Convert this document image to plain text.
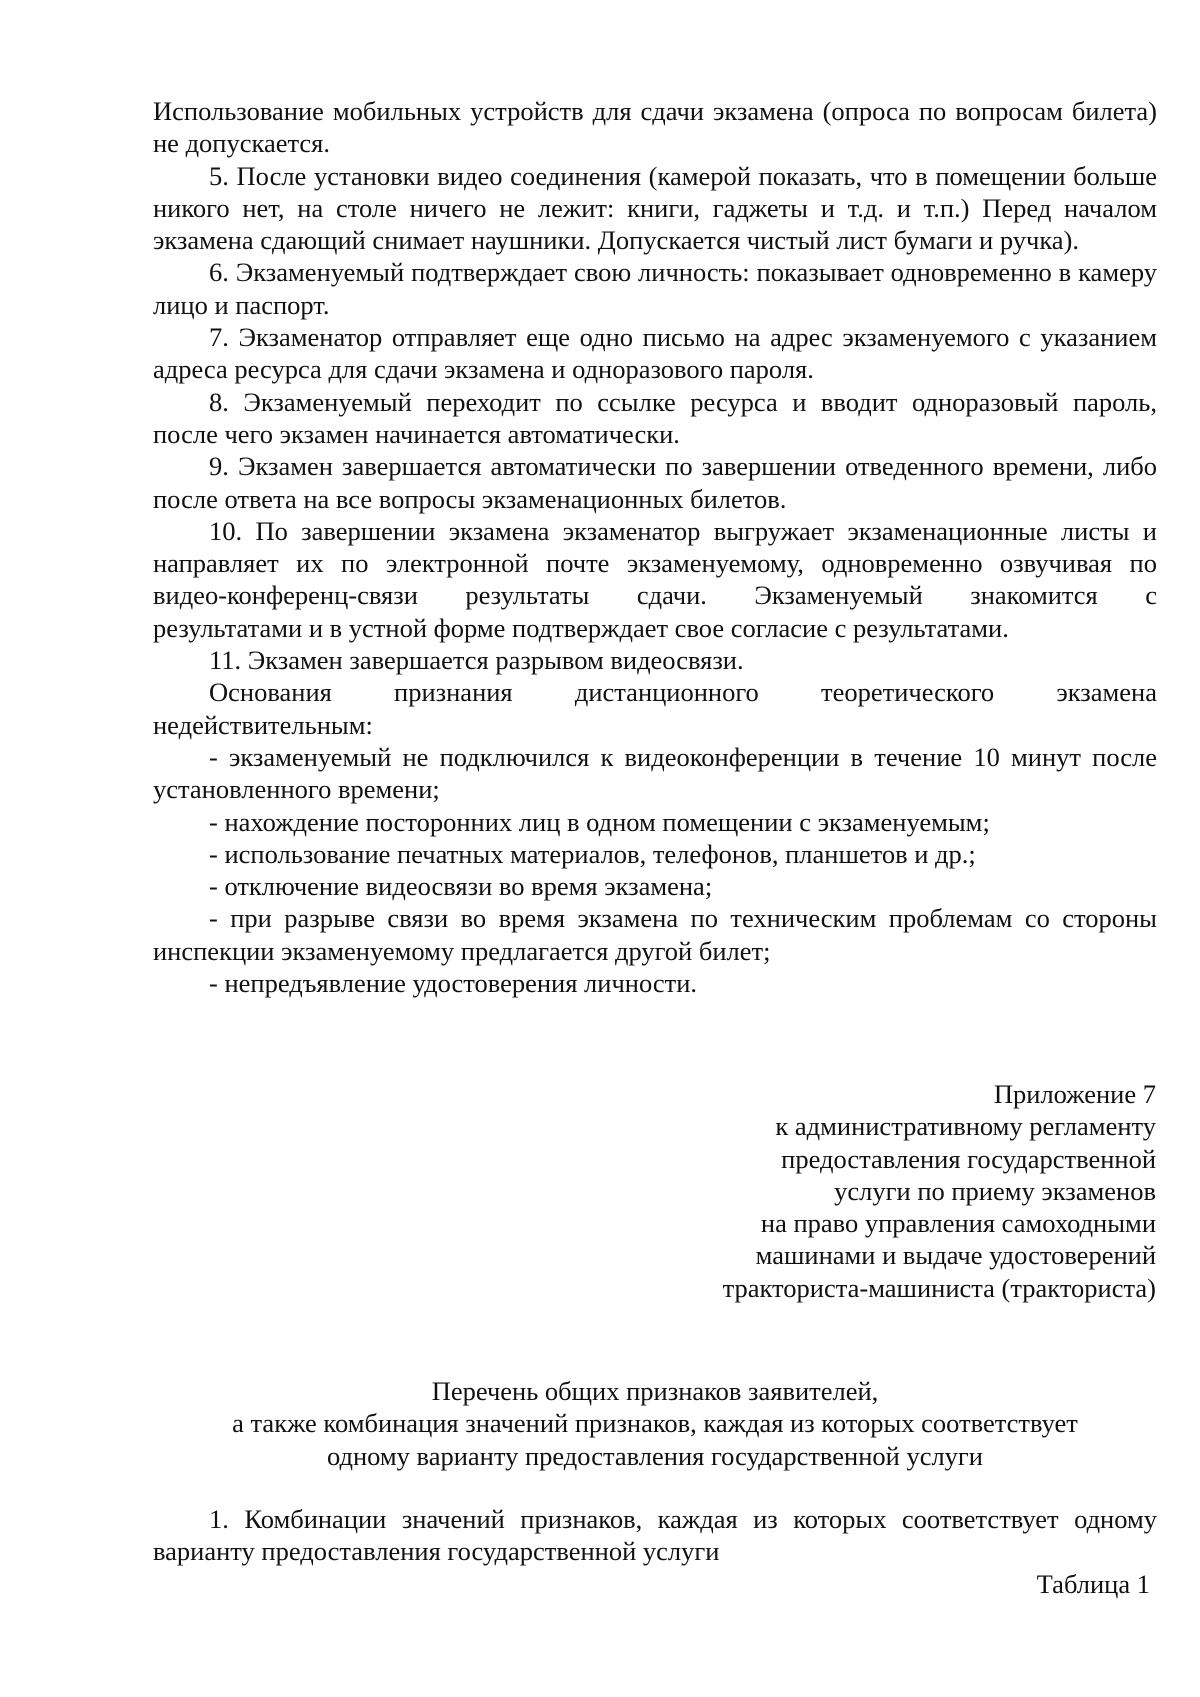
Использование мобильных устройств для сдачи экзамена (опроса по вопросам билета) не допускается.

5. После установки видео соединения (камерой показать, что в помещении больше никого нет, на столе ничего не лежит: книги, гаджеты и т.д. и т.п.) Перед началом экзамена сдающий снимает наушники. Допускается чистый лист бумаги и ручка).

6. Экзаменуемый подтверждает свою личность: показывает одновременно в камеру лицо и паспорт.

7. Экзаменатор отправляет еще одно письмо на адрес экзаменуемого с указанием адреса ресурса для сдачи экзамена и одноразового пароля.

8. Экзаменуемый переходит по ссылке ресурса и вводит одноразовый пароль, после чего экзамен начинается автоматически.

9. Экзамен завершается автоматически по завершении отведенного времени, либо после ответа на все вопросы экзаменационных билетов.

10. По завершении экзамена экзаменатор выгружает экзаменационные листы и направляет их по электронной почте экзаменуемому, одновременно озвучивая по

видео-конференц-связи результаты сдачи. Экзаменуемый знакомится с

результатами и в устной форме подтверждает свое согласие с результатами.

11. Экзамен завершается разрывом видеосвязи.

Основания признания дистанционного теоретического экзамена

недействительным:

- экзаменуемый не подключился к видеоконференции в течение 10 минут после установленного времени;

- нахождение посторонних лиц в одном помещении с экзаменуемым;

- использование печатных материалов, телефонов, планшетов и др.;

- отключение видеосвязи во время экзамена;

- при разрыве связи во время экзамена по техническим проблемам со стороны инспекции экзаменуемому предлагается другой билет;

- непредъявление удостоверения личности.

Приложение 7
к административному регламенту
предоставления государственной
услуги по приему экзаменов
на право управления самоходными
машинами и выдаче удостоверений
тракториста-машиниста (тракториста)
Перечень общих признаков заявителей,
а также комбинация значений признаков, каждая из которых соответствует
одному варианту предоставления государственной услуги

1. Комбинации значений признаков, каждая из которых соответствует одному варианту предоставления государственной услуги

Таблица 1
